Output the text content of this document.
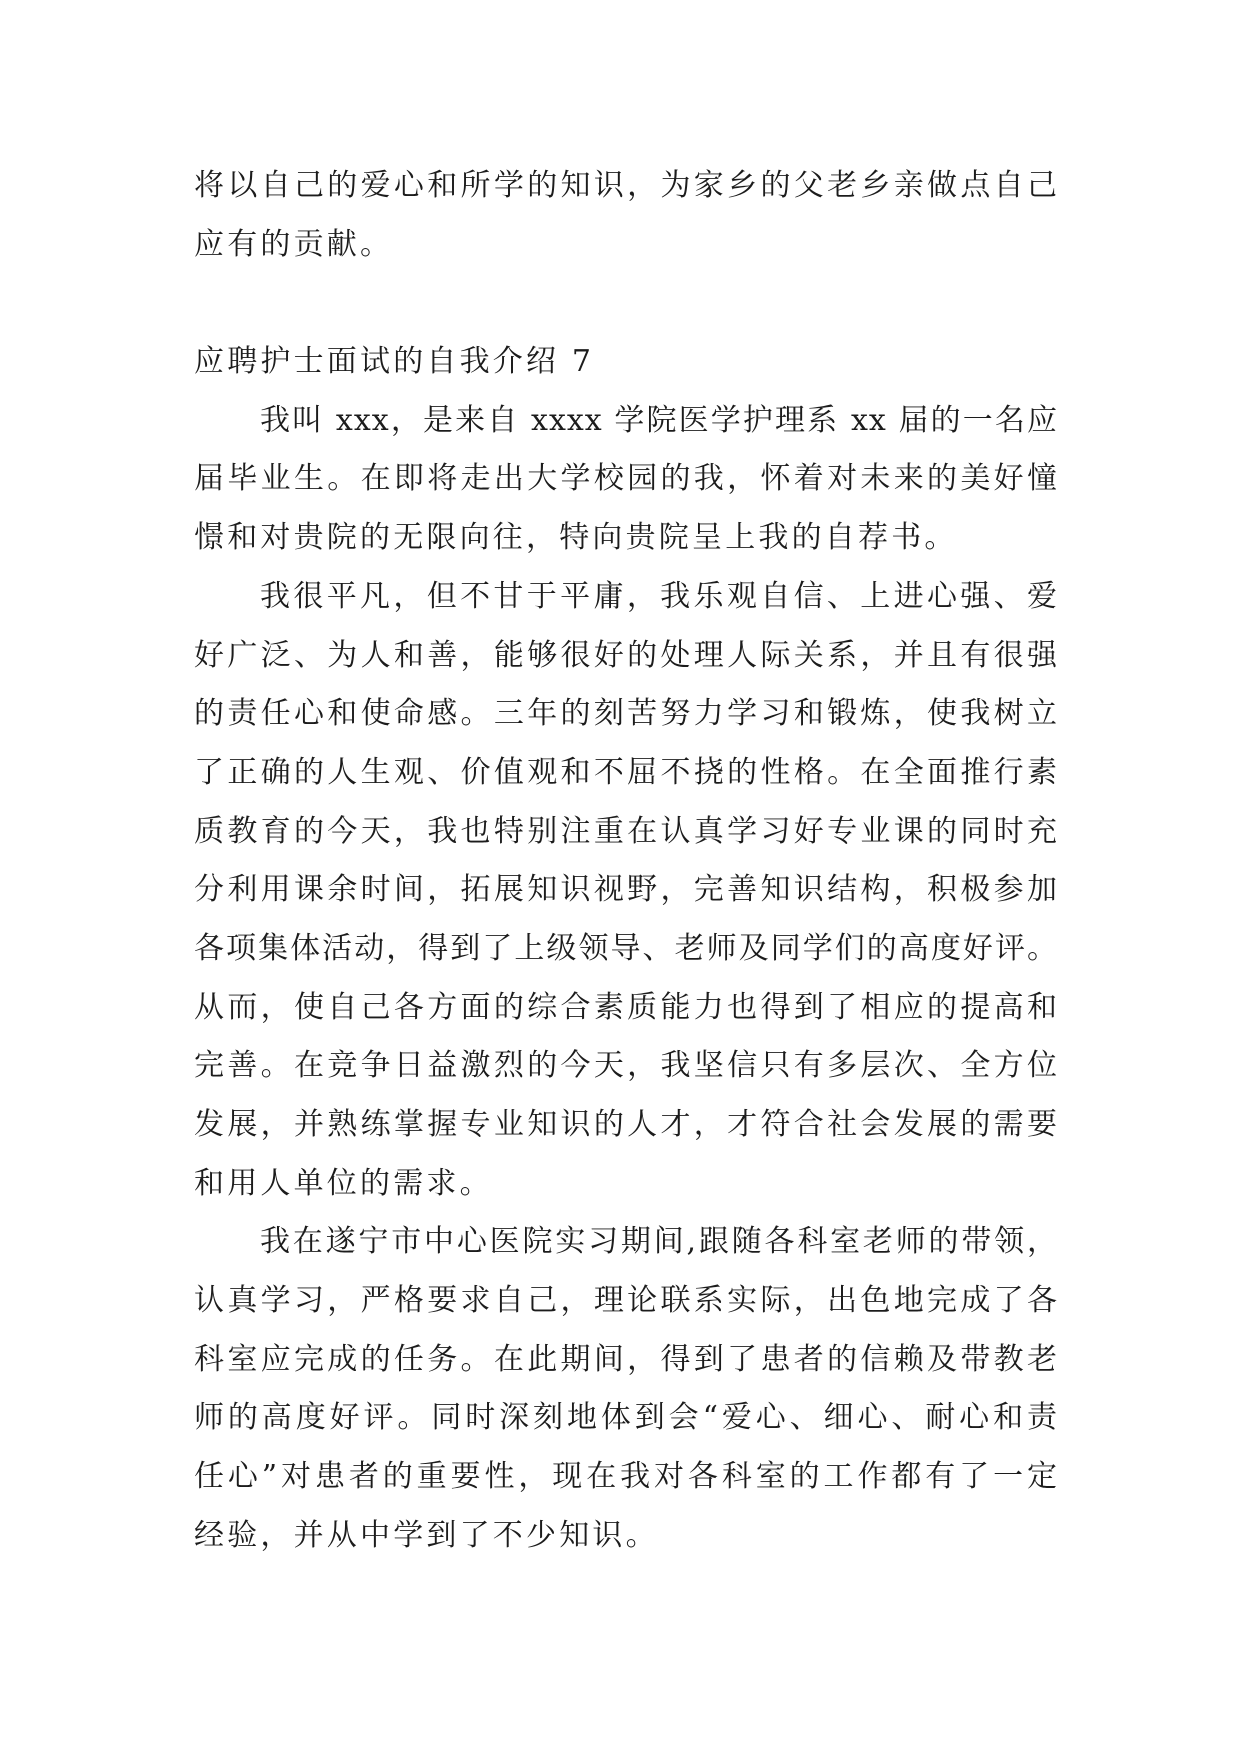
将以自己的爱心和所学的知识，为家乡的父老乡亲做点自己
应有的贡献。
应聘护士面试的自我介绍 7
我叫 xxx，是来自 xxxx 学院医学护理系 xx 届的一名应
届毕业生。在即将走出大学校园的我，怀着对未来的美好憧
憬和对贵院的无限向往，特向贵院呈上我的自荐书。
我很平凡，但不甘于平庸，我乐观自信、上进心强、爱
好广泛、为人和善，能够很好的处理人际关系，并且有很强
的责任心和使命感。三年的刻苦努力学习和锻炼，使我树立
了正确的人生观、价值观和不屈不挠的性格。在全面推行素
质教育的今天，我也特别注重在认真学习好专业课的同时充
分利用课余时间，拓展知识视野，完善知识结构，积极参加
各项集体活动，得到了上级领导、老师及同学们的高度好评。
从而，使自己各方面的综合素质能力也得到了相应的提高和
完善。在竞争日益激烈的今天，我坚信只有多层次、全方位
发展，并熟练掌握专业知识的人才，才符合社会发展的需要
和用人单位的需求。
我在遂宁市中心医院实习期间,跟随各科室老师的带领，
认真学习，严格要求自己，理论联系实际，出色地完成了各
科室应完成的任务。在此期间，得到了患者的信赖及带教老
师的高度好评。同时深刻地体到会“爱心、细心、耐心和责
任心”对患者的重要性，现在我对各科室的工作都有了一定
经验，并从中学到了不少知识。
